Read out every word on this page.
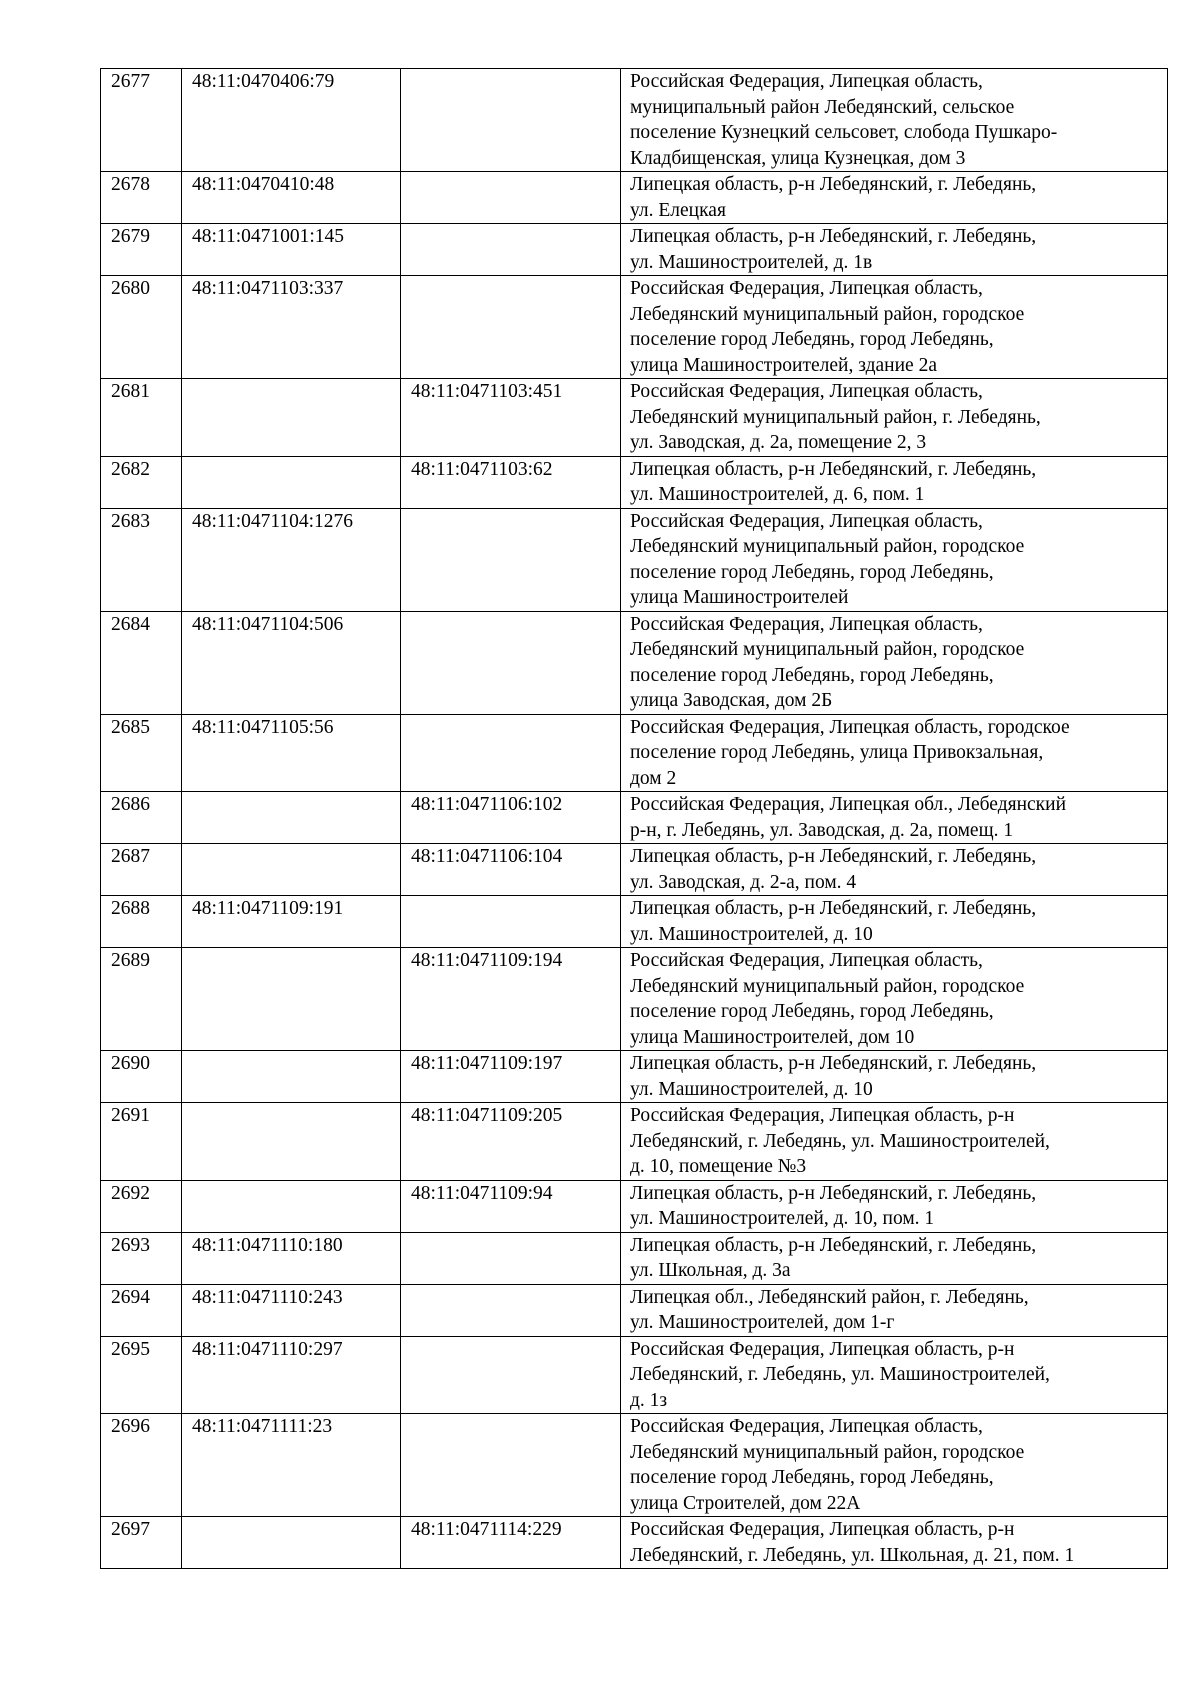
2677	48:11:0470406:79		Российская Федерация, Липецкая область,
муниципальный район Лебедянский, сельское
поселение Кузнецкий сельсовет, слобода Пушкаро-
Кладбищенская, улица Кузнецкая, дом 3

2678	48:11:0470410:48		Липецкая область, р-н Лебедянский, г. Лебедянь,
ул. Елецкая

2679	48:11:0471001:145		Липецкая область, р-н Лебедянский, г. Лебедянь,
ул. Машиностроителей, д. 1в

2680	48:11:0471103:337		Российская Федерация, Липецкая область,
Лебедянский муниципальный район, городское
поселение город Лебедянь, город Лебедянь,
улица Машиностроителей, здание 2а

2681		48:11:0471103:451	Российская Федерация, Липецкая область,
Лебедянский муниципальный район, г. Лебедянь,
ул. Заводская, д. 2а, помещение 2, 3

2682		48:11:0471103:62	Липецкая область, р-н Лебедянский, г. Лебедянь,
ул. Машиностроителей, д. 6, пом. 1

2683	48:11:0471104:1276		Российская Федерация, Липецкая область,
Лебедянский муниципальный район, городское
поселение город Лебедянь, город Лебедянь,
улица Машиностроителей

2684	48:11:0471104:506		Российская Федерация, Липецкая область,
Лебедянский муниципальный район, городское
поселение город Лебедянь, город Лебедянь,
улица Заводская, дом 2Б

2685	48:11:0471105:56		Российская Федерация, Липецкая область, городское
поселение город Лебедянь, улица Привокзальная,
дом 2

2686		48:11:0471106:102	Российская Федерация, Липецкая обл., Лебедянский
р-н, г. Лебедянь, ул. Заводская, д. 2а, помещ. 1

2687		48:11:0471106:104	Липецкая область, р-н Лебедянский, г. Лебедянь,
ул. Заводская, д. 2-а, пом. 4

2688	48:11:0471109:191		Липецкая область, р-н Лебедянский, г. Лебедянь,
ул. Машиностроителей, д. 10

2689		48:11:0471109:194	Российская Федерация, Липецкая область,
Лебедянский муниципальный район, городское
поселение город Лебедянь, город Лебедянь,
улица Машиностроителей, дом 10

2690		48:11:0471109:197	Липецкая область, р-н Лебедянский, г. Лебедянь,
ул. Машиностроителей, д. 10

2691		48:11:0471109:205	Российская Федерация, Липецкая область, р-н
Лебедянский, г. Лебедянь, ул. Машиностроителей,
д. 10, помещение №3

2692		48:11:0471109:94	Липецкая область, р-н Лебедянский, г. Лебедянь,
ул. Машиностроителей, д. 10, пом. 1

2693	48:11:0471110:180		Липецкая область, р-н Лебедянский, г. Лебедянь,
ул. Школьная, д. 3а

2694	48:11:0471110:243		Липецкая обл., Лебедянский район, г. Лебедянь,
ул. Машиностроителей, дом 1-г

2695	48:11:0471110:297		Российская Федерация, Липецкая область, р-н
Лебедянский, г. Лебедянь, ул. Машиностроителей,
д. 1з

2696	48:11:0471111:23		Российская Федерация, Липецкая область,
Лебедянский муниципальный район, городское
поселение город Лебедянь, город Лебедянь,
улица Строителей, дом 22А

2697		48:11:0471114:229	Российская Федерация, Липецкая область, р-н
Лебедянский, г. Лебедянь, ул. Школьная, д. 21, пом. 1
